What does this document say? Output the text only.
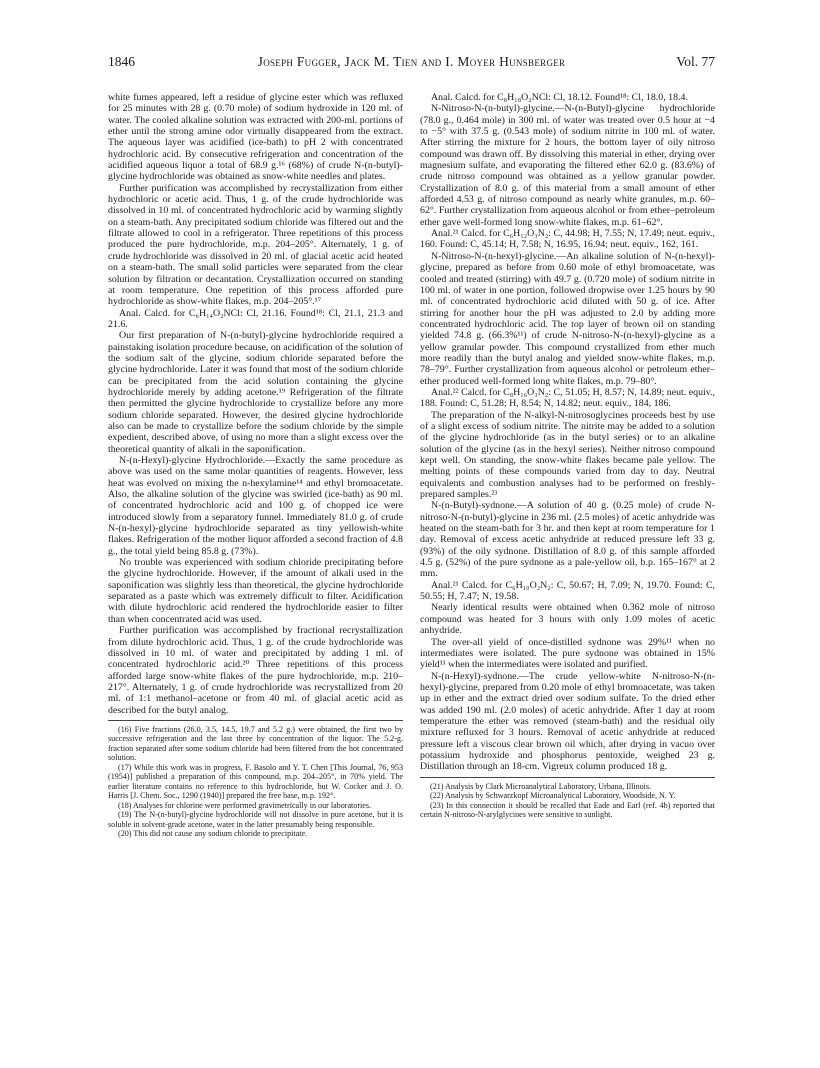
1846	Joseph Fugger, Jack M. Tien and I. Moyer Hunsberger	Vol. 77

white fumes appeared, left a residue of glycine ester which was refluxed for 25 minutes with 28 g. (0.70 mole) of sodium hydroxide in 120 ml. of water. The cooled alkaline solution was extracted with 200-ml. portions of ether until the strong amine odor virtually disappeared from the extract. The aqueous layer was acidified (ice-bath) to pH 2 with concentrated hydrochloric acid. By consecutive refrigeration and concentration of the acidified aqueous liquor a total of 68.9 g.¹⁶ (68%) of crude N-(n-butyl)-glycine hydrochloride was obtained as snow-white needles and plates.

Further purification was accomplished by recrystallization from either hydrochloric or acetic acid. Thus, 1 g. of the crude hydrochloride was dissolved in 10 ml. of concentrated hydrochloric acid by warming slightly on a steam-bath. Any precipitated sodium chloride was filtered out and the filtrate allowed to cool in a refrigerator. Three repetitions of this process produced the pure hydrochloride, m.p. 204–205°. Alternately, 1 g. of crude hydrochloride was dissolved in 20 ml. of glacial acetic acid heated on a steam-bath. The small solid particles were separated from the clear solution by filtration or decantation. Crystallization occurred on standing at room temperature. One repetition of this process afforded pure hydrochloride as show-white flakes, m.p. 204–205°.¹⁷

Anal. Calcd. for C₆H₁₄O₂NCl: Cl, 21.16. Found¹⁸: Cl, 21.1, 21.3 and 21.6.

Our first preparation of N-(n-butyl)-glycine hydrochloride required a painstaking isolation procedure because, on acidification of the solution of the sodium salt of the glycine, sodium chloride separated before the glycine hydrochloride. Later it was found that most of the sodium chloride can be precipitated from the acid solution containing the glycine hydrochloride merely by adding acetone.¹⁹ Refrigeration of the filtrate then permitted the glycine hydrochloride to crystallize before any more sodium chloride separated. However, the desired glycine hydrochloride also can be made to crystallize before the sodium chloride by the simple expedient, described above, of using no more than a slight excess over the theoretical quantity of alkali in the saponification.

N-(n-Hexyl)-glycine Hydrochloride.—Exactly the same procedure as above was used on the same molar quantities of reagents. However, less heat was evolved on mixing the n-hexylamine¹⁴ and ethyl bromoacetate. Also, the alkaline solution of the glycine was swirled (ice-bath) as 90 ml. of concentrated hydrochloric acid and 100 g. of chopped ice were introduced slowly from a separatory funnel. Immediately 81.0 g. of crude N-(n-hexyl)-glycine hydrochloride separated as tiny yellowish-white flakes. Refrigeration of the mother liquor afforded a second fraction of 4.8 g., the total yield being 85.8 g. (73%).

No trouble was experienced with sodium chloride precipitating before the glycine hydrochloride. However, if the amount of alkali used in the saponification was slightly less than theoretical, the glycine hydrochloride separated as a paste which was extremely difficult to filter. Acidification with dilute hydrochloric acid rendered the hydrochloride easier to filter than when concentrated acid was used.

Further purification was accomplished by fractional recrystallization from dilute hydrochloric acid. Thus, 1 g. of the crude hydrochloride was dissolved in 10 ml. of water and precipitated by adding 1 ml. of concentrated hydrochloric acid.²⁰ Three repetitions of this process afforded large snow-white flakes of the pure hydrochloride, m.p. 210–217°. Alternately, 1 g. of crude hydrochloride was recrystallized from 20 ml. of 1:1 methanol–acetone or from 40 ml. of glacial acetic acid as described for the butyl analog.

(16) Five fractions (26.0, 3.5, 14.5, 19.7 and 5.2 g.) were obtained, the first two by successive refrigeration and the last three by concentration of the liquor. The 5.2-g. fraction separated after some sodium chloride had been filtered from the hot concentrated solution.

(17) While this work was in progress, F. Basolo and Y. T. Chen [This Journal, 76, 953 (1954)] published a preparation of this compound, m.p. 204–205°, in 70% yield. The earlier literature contains no reference to this hydrochloride, but W. Cocker and J. O. Harris [J. Chem. Soc., 1290 (1940)] prepared the free base, m.p. 192°.

(18) Analyses for chlorine were performed gravimetrically in our laboratories.

(19) The N-(n-butyl)-glycine hydrochloride will not dissolve in pure acetone, but it is soluble in solvent-grade acetone, water in the latter presumably being responsible.

(20) This did not cause any sodium chloride to precipitate.

Anal. Calcd. for C₈H₁₈O₂NCl: Cl, 18.12. Found¹⁸: Cl, 18.0, 18.4.

N-Nitroso-N-(n-butyl)-glycine.—N-(n-Butyl)-glycine hydrochloride (78.0 g., 0.464 mole) in 300 ml. of water was treated over 0.5 hour at −4 to −5° with 37.5 g. (0.543 mole) of sodium nitrite in 100 ml. of water. After stirring the mixture for 2 hours, the bottom layer of oily nitroso compound was drawn off. By dissolving this material in ether, drying over magnesium sulfate, and evaporating the filtered ether 62.0 g. (83.6%) of crude nitroso compound was obtained as a yellow granular powder. Crystallization of 8.0 g. of this material from a small amount of ether afforded 4.53 g. of nitroso compound as nearly white granules, m.p. 60–62°. Further crystallization from aqueous alcohol or from ether–petroleum ether gave well-formed long snow-white flakes, m.p. 61–62°.

Anal.²¹ Calcd. for C₆H₁₂O₃N₂: C, 44.98; H, 7.55; N, 17.49; neut. equiv., 160. Found: C, 45.14; H, 7.58; N, 16.95, 16.94; neut. equiv., 162, 161.

N-Nitroso-N-(n-hexyl)-glycine.—An alkaline solution of N-(n-hexyl)-glycine, prepared as before from 0.60 mole of ethyl bromoacetate, was cooled and treated (stirring) with 49.7 g. (0.720 mole) of sodium nitrite in 100 ml. of water in one portion, followed dropwise over 1.25 hours by 90 ml. of concentrated hydrochloric acid diluted with 50 g. of ice. After stirring for another hour the pH was adjusted to 2.0 by adding more concentrated hydrochloric acid. The top layer of brown oil on standing yielded 74.8 g. (66.3%¹¹) of crude N-nitroso-N-(n-hexyl)-glycine as a yellow granular powder. This compound crystallized from ether much more readily than the butyl analog and yielded snow-white flakes, m.p. 78–79°. Further crystallization from aqueous alcohol or petroleum ether–ether produced well-formed long white flakes, m.p. 79–80°.

Anal.²² Calcd. for C₈H₁₆O₃N₂: C, 51.05; H, 8.57; N, 14.89; neut. equiv., 188. Found: C, 51.28; H, 8.54; N, 14.82; neut. equiv., 184, 186.

The preparation of the N-alkyl-N-nitrosoglycines proceeds best by use of a slight excess of sodium nitrite. The nitrite may be added to a solution of the glycine hydrochloride (as in the butyl series) or to an alkaline solution of the glycine (as in the hexyl series). Neither nitroso compound kept well. On standing, the snow-white flakes became pale yellow. The melting points of these compounds varied from day to day. Neutral equivalents and combustion analyses had to be performed on freshly-prepared samples.²³

N-(n-Butyl)-sydnone.—A solution of 40 g. (0.25 mole) of crude N-nitroso-N-(n-butyl)-glycine in 236 ml. (2.5 moles) of acetic anhydride was heated on the steam-bath for 3 hr. and then kept at room temperature for 1 day. Removal of excess acetic anhydride at reduced pressure left 33 g. (93%) of the oily sydnone. Distillation of 8.0 g. of this sample afforded 4.5 g. (52%) of the pure sydnone as a pale-yellow oil, b.p. 165–167° at 2 mm.

Anal.²¹ Calcd. for C₆H₁₀O₂N₂: C, 50.67; H, 7.09; N, 19.70. Found: C, 50.55; H, 7.47; N, 19.58.

Nearly identical results were obtained when 0.362 mole of nitroso compound was heated for 3 hours with only 1.09 moles of acetic anhydride.

The over-all yield of once-distilled sydnone was 29%¹¹ when no intermediates were isolated. The pure sydnone was obtained in 15% yield¹¹ when the intermediates were isolated and purified.

N-(n-Hexyl)-sydnone.—The crude yellow-white N-nitroso-N-(n-hexyl)-glycine, prepared from 0.20 mole of ethyl bromoacetate, was taken up in ether and the extract dried over sodium sulfate. To the dried ether was added 190 ml. (2.0 moles) of acetic anhydride. After 1 day at room temperature the ether was removed (steam-bath) and the residual oily mixture refluxed for 3 hours. Removal of acetic anhydride at reduced pressure left a viscous clear brown oil which, after drying in vacuo over potassium hydroxide and phosphorus pentoxide, weighed 23 g. Distillation through an 18-cm. Vigreux column produced 18 g.

(21) Analysis by Clark Microanalytical Laboratory, Urbana, Illinois.

(22) Analysis by Schwarzkopf Microanalytical Laboratory, Woodside, N. Y.

(23) In this connection it should be recalled that Eade and Earl (ref. 4b) reported that certain N-nitroso-N-arylglycines were sensitive to sunlight.
